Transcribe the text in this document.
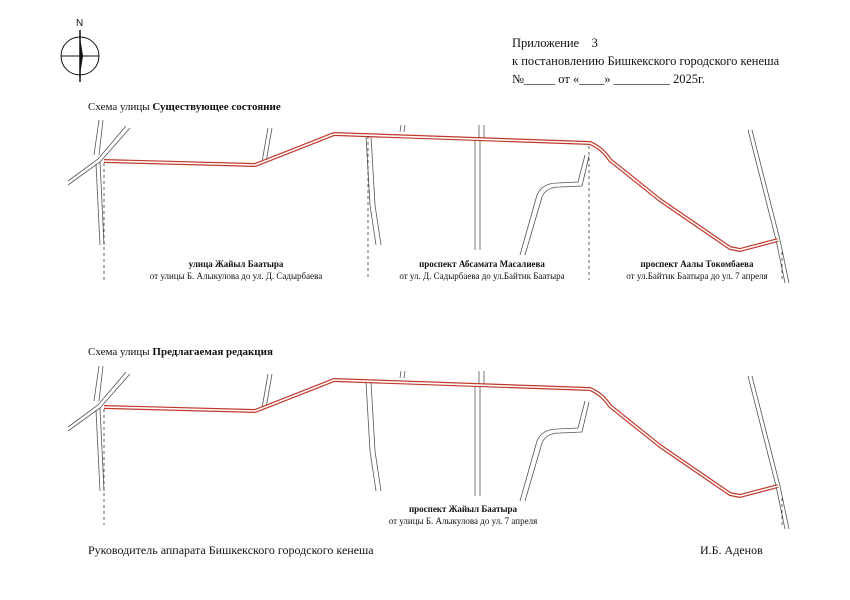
N
Приложение 3
к постановлению Бишкекского городского кенеша
№_____ от «____» _________ 2025г.
Схема улицы Существующее состояние
улица Жайыл Баатыра
от улицы Б. Алыкулова до ул. Д. Садырбаева
проспект Абсамата Масалиева
от ул. Д. Садырбаева до ул.Байтик Баатыра
проспект Аалы Токомбаева
от ул.Байтик Баатыра до ул. 7 апреля
Схема улицы Предлагаемая редакция
проспект Жайыл Баатыра
от улицы Б. Алыкулова до ул. 7 апреля
Руководитель аппарата Бишкекского городского кенеша	И.Б. Аденов
